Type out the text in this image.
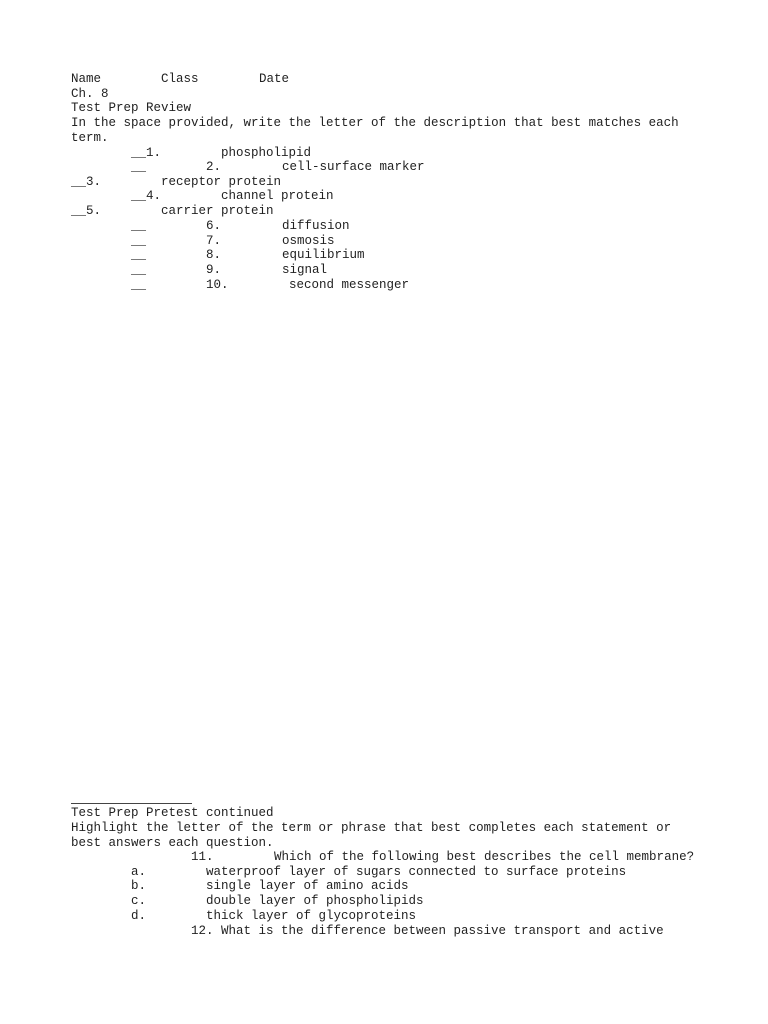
Name	Class	Date
Ch. 8
Test Prep Review
In the space provided, write the letter of the description that best matches each
term.
__1.	phospholipid
__	2.	cell-surface marker
__3.	receptor protein
__4.	channel protein
__5.	carrier protein
__	6.	diffusion
__	7.	osmosis
__	8.	equilibrium
__	9.	signal
__	10.	second messenger
Test Prep Pretest continued
Highlight the letter of the term or phrase that best completes each statement or
best answers each question.
11.	Which of the following best describes the cell membrane?
a.	waterproof layer of sugars connected to surface proteins
b.	single layer of amino acids
c.	double layer of phospholipids
d.	thick layer of glycoproteins
12. What is the difference between passive transport and active
